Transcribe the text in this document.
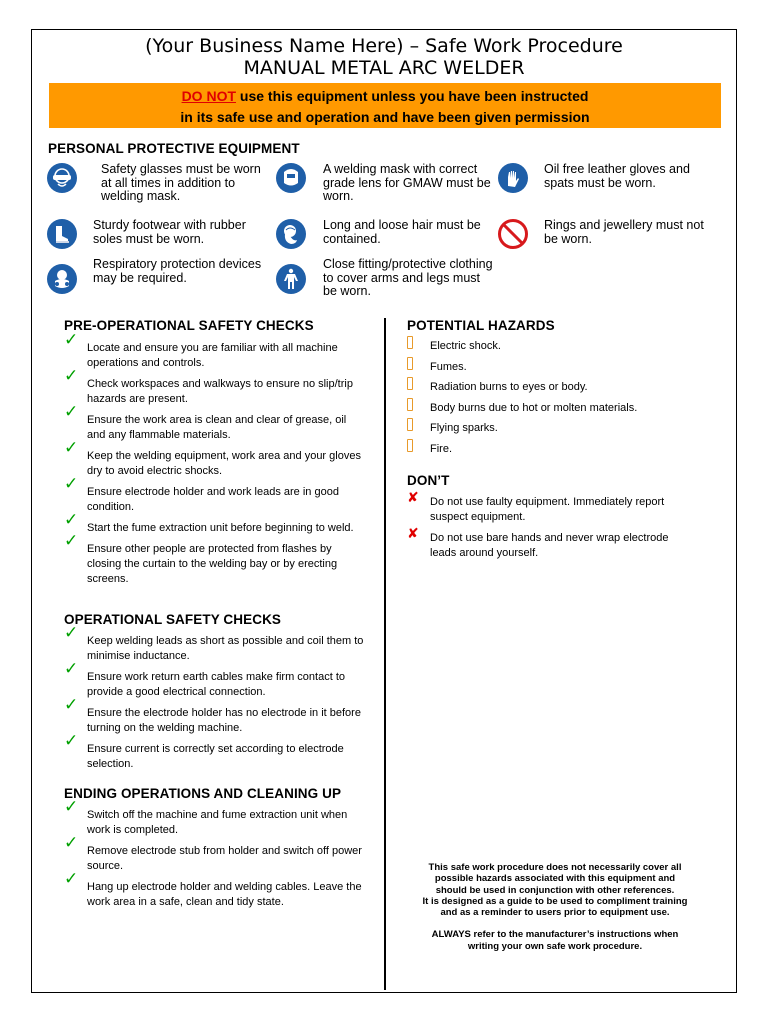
(Your Business Name Here) – Safe Work Procedure
MANUAL METAL ARC WELDER
DO NOT use this equipment unless you have been instructed
in its safe use and operation and have been given permission
PERSONAL PROTECTIVE EQUIPMENT
Safety glasses must be worn at all times in addition to welding mask.
A welding mask with correct grade lens for GMAW must be worn.
Oil free leather gloves and spats must be worn.
Sturdy footwear with rubber soles must be worn.
Long and loose hair must be contained.
Rings and jewellery must not be worn.
Respiratory protection devices may be required.
Close fitting/protective clothing to cover arms and legs must be worn.
PRE-OPERATIONAL SAFETY CHECKS
✓ Locate and ensure you are familiar with all machine operations and controls.
✓ Check workspaces and walkways to ensure no slip/trip hazards are present.
✓ Ensure the work area is clean and clear of grease, oil and any flammable materials.
✓ Keep the welding equipment, work area and your gloves dry to avoid electric shocks.
✓ Ensure electrode holder and work leads are in good condition.
✓ Start the fume extraction unit before beginning to weld.
✓ Ensure other people are protected from flashes by closing the curtain to the welding bay or by erecting screens.
OPERATIONAL SAFETY CHECKS
✓ Keep welding leads as short as possible and coil them to minimise inductance.
✓ Ensure work return earth cables make firm contact to provide a good electrical connection.
✓ Ensure the electrode holder has no electrode in it before turning on the welding machine.
✓ Ensure current is correctly set according to electrode selection.
ENDING OPERATIONS AND CLEANING UP
✓ Switch off the machine and fume extraction unit when work is completed.
✓ Remove electrode stub from holder and switch off power source.
✓ Hang up electrode holder and welding cables. Leave the work area in a safe, clean and tidy state.
POTENTIAL HAZARDS
Electric shock.
Fumes.
Radiation burns to eyes or body.
Body burns due to hot or molten materials.
Flying sparks.
Fire.
DON’T
✘ Do not use faulty equipment. Immediately report suspect equipment.
✘ Do not use bare hands and never wrap electrode leads around yourself.
This safe work procedure does not necessarily cover all
possible hazards associated with this equipment and
should be used in conjunction with other references.
It is designed as a guide to be used to compliment training
and as a reminder to users prior to equipment use.
ALWAYS refer to the manufacturer’s instructions when
writing your own safe work procedure.
